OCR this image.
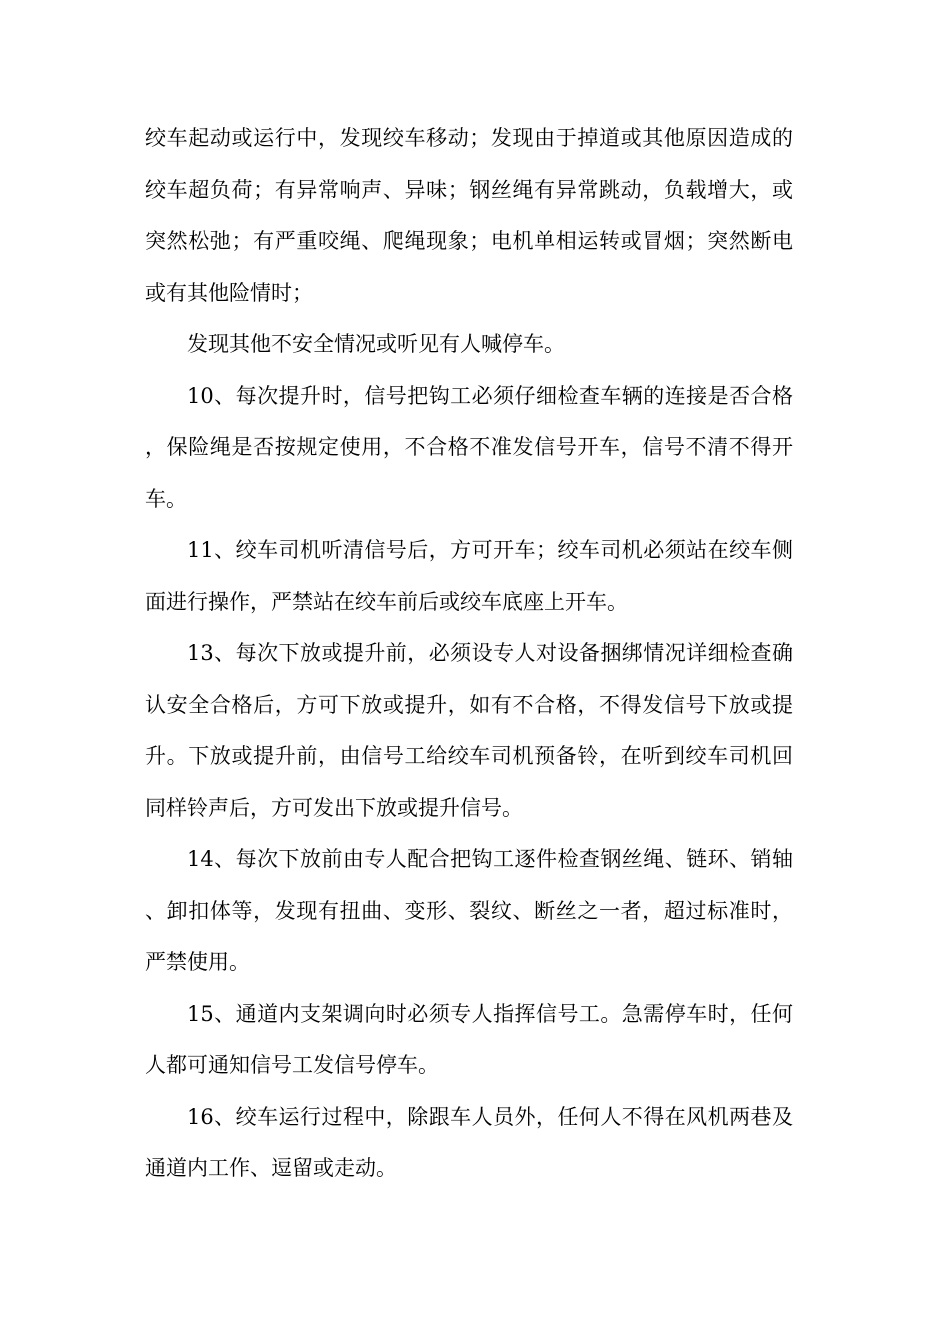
绞车起动或运行中，发现绞车移动；发现由于掉道或其他原因造成的绞车超负荷；有异常响声、异味；钢丝绳有异常跳动，负载增大，或突然松弛；有严重咬绳、爬绳现象；电机单相运转或冒烟；突然断电或有其他险情时；

发现其他不安全情况或听见有人喊停车。

10、每次提升时，信号把钩工必须仔细检查车辆的连接是否合格，保险绳是否按规定使用，不合格不准发信号开车，信号不清不得开车。

11、绞车司机听清信号后，方可开车；绞车司机必须站在绞车侧面进行操作，严禁站在绞车前后或绞车底座上开车。

13、每次下放或提升前，必须设专人对设备捆绑情况详细检查确认安全合格后，方可下放或提升，如有不合格，不得发信号下放或提升。下放或提升前，由信号工给绞车司机预备铃，在听到绞车司机回同样铃声后，方可发出下放或提升信号。

14、每次下放前由专人配合把钩工逐件检查钢丝绳、链环、销轴、卸扣体等，发现有扭曲、变形、裂纹、断丝之一者，超过标准时，严禁使用。

15、通道内支架调向时必须专人指挥信号工。急需停车时，任何人都可通知信号工发信号停车。

16、绞车运行过程中，除跟车人员外，任何人不得在风机两巷及通道内工作、逗留或走动。
